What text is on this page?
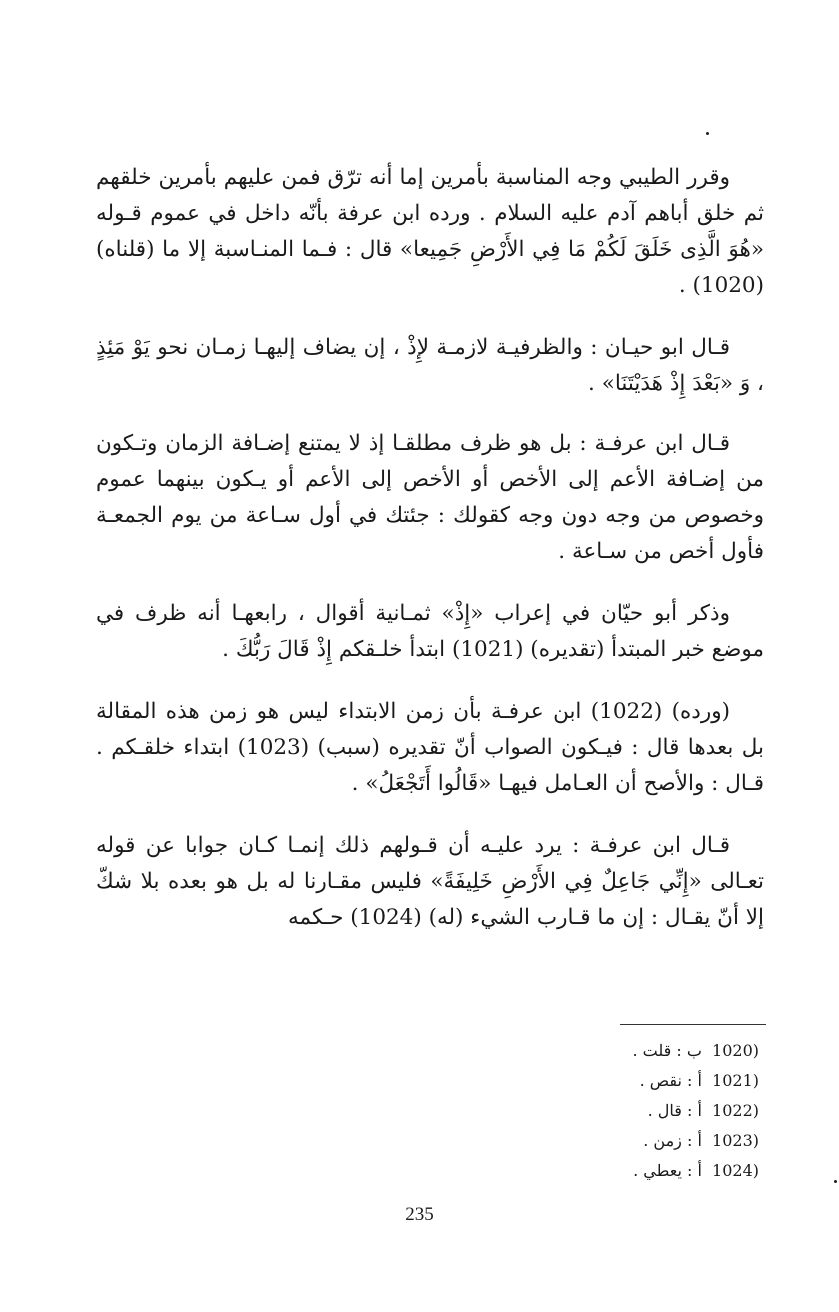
وقرر الطيبي وجه المناسبة بأمرين إما أنه ترّق فمن عليهم بأمرين خلقهم ثم خلق أباهم آدم عليه السلام . ورده ابن عرفة بأنّه داخل في عموم قـوله «هُوَ الَّذِى خَلَقَ لَكُمْ مَا فِي الأَرْضِ جَمِيعا» قال : فـما المنـاسبة إلا ما (قلناه) (1020) .

قـال ابو حيـان : والظرفيـة لازمـة لإِذْ ، إن يضاف إليهـا زمـان نحو يَوْ مَئِذٍ ، وَ «بَعْدَ إِذْ هَدَيْتَنَا» .

قـال ابن عرفـة : بل هو ظرف مطلقـا إذ لا يمتنع إضـافة الزمان وتـكون من إضـافة الأعم إلى الأخص أو الأخص إلى الأعم أو يـكون بينهما عموم وخصوص من وجه دون وجه كقولك : جئتك في أول سـاعة من يوم الجمعـة فأول أخص من سـاعة .

وذكر أبو حيّان في إعراب «إِذْ» ثمـانية أقوال ، رابعهـا أنه ظرف في موضع خبر المبتدأ (تقديره) (1021) ابتدأ خلـقكم إِذْ قَالَ رَبُّكَ .

(ورده) (1022) ابن عرفـة بأن زمن الابتداء ليس هو زمن هذه المقالة بل بعدها قال : فيـكون الصواب أنّ تقديره (سبب) (1023) ابتداء خلقـكم . قـال : والأصح أن العـامل فيهـا «قَالُوا أَتَجْعَلُ» .

قـال ابن عرفـة : يرد عليـه أن قـولهم ذلك إنمـا كـان جوابا عن قوله تعـالى «إِنِّي جَاعِلٌ فِي الأَرْضِ خَلِيفَةً» فليس مقـارنا له بل هو بعده بلا شكّ إلا أنّ يقـال : إن ما قـارب الشيء (له) (1024) حـكمه

(1020 ب : قلت .
(1021 أ : نقص .
(1022 أ : قال .
(1023 أ : زمن .
(1024 أ : يعطي .
235
